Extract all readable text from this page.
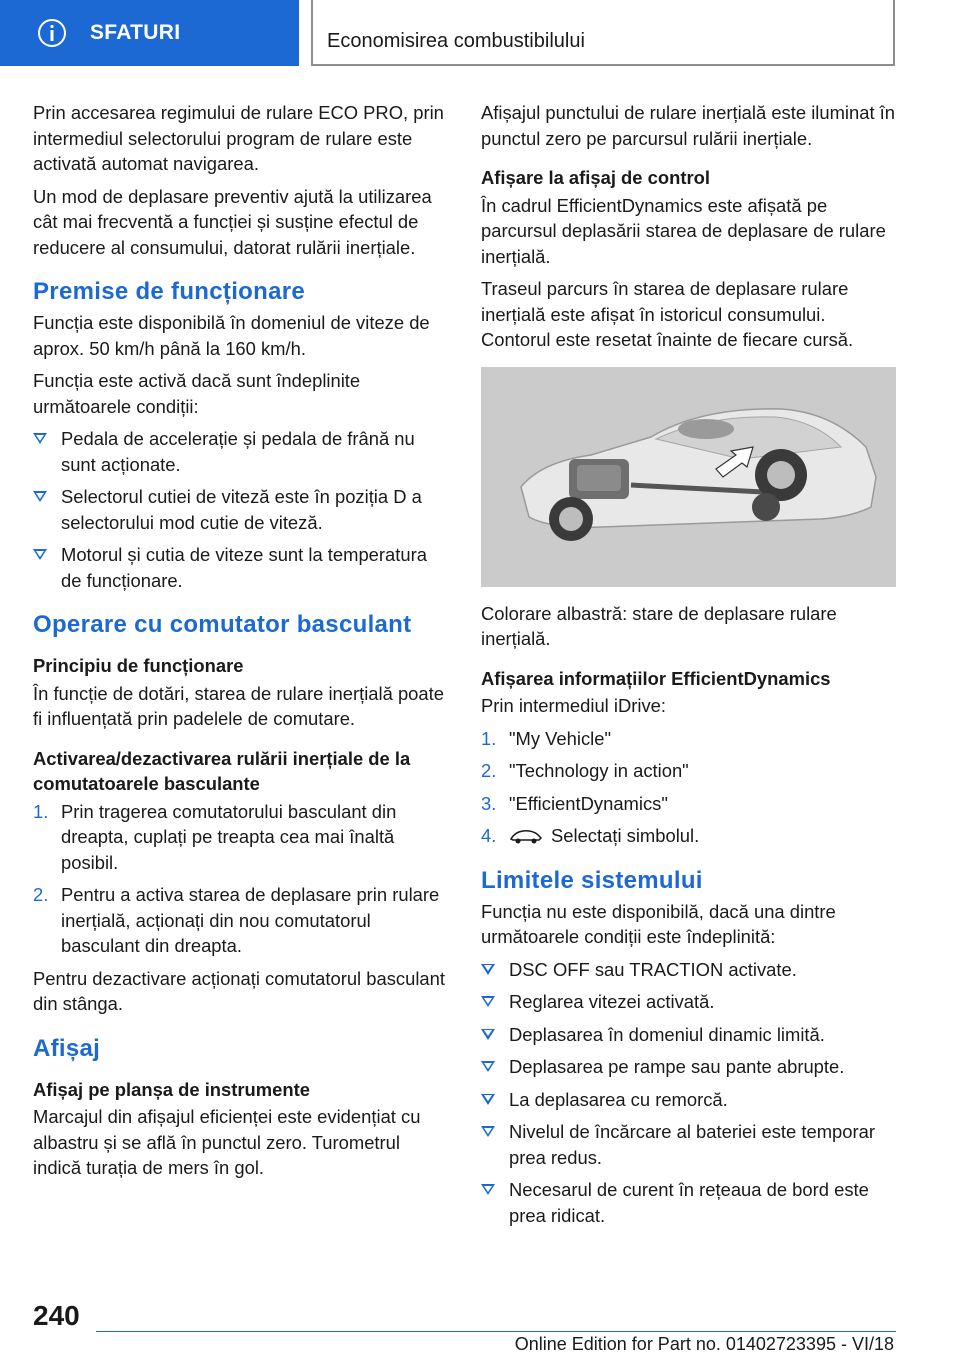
SFATURI	Economisirea combustibilului

Prin accesarea regimului de rulare ECO PRO, prin intermediul selectorului program de rulare este activată automat navigarea.

Un mod de deplasare preventiv ajută la utilizarea cât mai frecventă a funcției și susține efectul de reducere al consumului, datorat rulării inerțiale.

Premise de funcționare

Funcția este disponibilă în domeniul de viteze de aprox. 50 km/h până la 160 km/h.

Funcția este activă dacă sunt îndeplinite următoarele condiții:

Pedala de accelerație și pedala de frână nu sunt acționate.
Selectorul cutiei de viteză este în poziția D a selectorului mod cutie de viteză.
Motorul și cutia de viteze sunt la temperatura de funcționare.
Operare cu comutator basculant
Principiu de funcționare

În funcție de dotări, starea de rulare inerțială poate fi influențată prin padelele de comutare.

Activarea/dezactivarea rulării inerțiale de la comutatoarele basculante
1. Prin tragerea comutatorului basculant din dreapta, cuplați pe treapta cea mai înaltă posibil.
2. Pentru a activa starea de deplasare prin rulare inerțială, acționați din nou comutatorul basculant din dreapta.

Pentru dezactivare acționați comutatorul basculant din stânga.

Afișaj
Afișaj pe planșa de instrumente

Marcajul din afișajul eficienței este evidențiat cu albastru și se află în punctul zero. Turometrul indică turația de mers în gol.

Afișajul punctului de rulare inerțială este iluminat în punctul zero pe parcursul rulării inerțiale.

Afișare la afișaj de control

În cadrul EfficientDynamics este afișată pe parcursul deplasării starea de deplasare de rulare inerțială.

Traseul parcurs în starea de deplasare rulare inerțială este afișat în istoricul consumului. Contorul este resetat înainte de fiecare cursă.

Colorare albastră: stare de deplasare rulare inerțială.

Afișarea informațiilor EfficientDynamics

Prin intermediul iDrive:

1. "My Vehicle"
2. "Technology in action"
3. "EfficientDynamics"
4.	Selectați simbolul.
Limitele sistemului

Funcția nu este disponibilă, dacă una dintre următoarele condiții este îndeplinită:

DSC OFF sau TRACTION activate.
Reglarea vitezei activată.
Deplasarea în domeniul dinamic limită.
Deplasarea pe rampe sau pante abrupte.
La deplasarea cu remorcă.
Nivelul de încărcare al bateriei este temporar prea redus.
Necesarul de curent în rețeaua de bord este prea ridicat.
240
Online Edition for Part no. 01402723395 - VI/18
